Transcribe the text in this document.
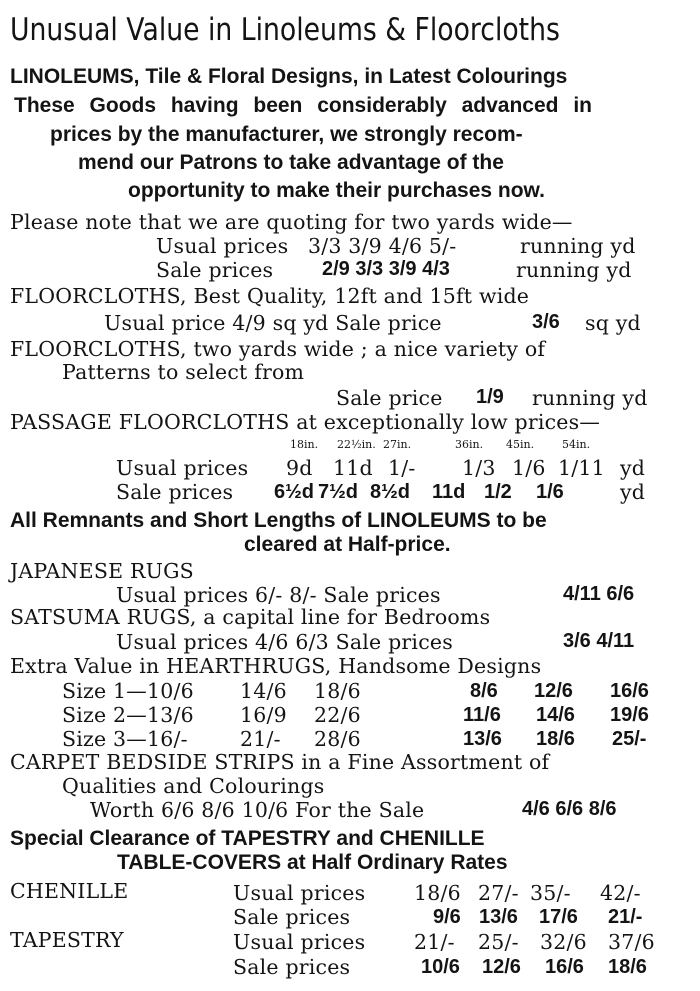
Unusual Value in Linoleums & Floorcloths
LINOLEUMS, Tile & Floral Designs, in Latest Colourings
These Goods having been considerably advanced in
prices by the manufacturer, we strongly recom-
mend our Patrons to take advantage of the
opportunity to make their purchases now.
Please note that we are quoting for two yards wide—
Usual prices 3/3 3/9 4/6 5/-	running yd
Sale prices 2/9 3/3 3/9 4/3	running yd
FLOORCLOTHS, Best Quality, 12ft and 15ft wide
Usual price 4/9 sq yd Sale price	3/6 sq yd
FLOORCLOTHS, two yards wide ; a nice variety of
Patterns to select from
Sale price 1/9 running yd
PASSAGE FLOORCLOTHS at exceptionally low prices—
18in. 22½in. 27in.	36in. 45in.	54in.
Usual prices 9d 11d 1/- 1/3 1/6 1/11 yd
Sale prices 6½d 7½d 8½d 11d 1/2 1/6	yd
All Remnants and Short Lengths of LINOLEUMS to be
cleared at Half-price.
JAPANESE RUGS
Usual prices 6/- 8/- Sale prices	4/11 6/6
SATSUMA RUGS, a capital line for Bedrooms
Usual prices 4/6 6/3 Sale prices	3/6 4/11
Extra Value in HEARTHRUGS, Handsome Designs
Size 1—10/6 14/6 18/6	8/6 12/6 16/6
Size 2—13/6 16/9 22/6	11/6 14/6 19/6
Size 3—16/-	21/- 28/6	13/6 18/6 25/-
CARPET BEDSIDE STRIPS in a Fine Assortment of
Qualities and Colourings
Worth 6/6 8/6 10/6 For the Sale	4/6 6/6 8/6
Special Clearance of TAPESTRY and CHENILLE
TABLE-COVERS at Half Ordinary Rates
CHENILLE	Usual prices 18/6 27/- 35/- 42/-
Sale prices	9/6 13/6 17/6 21/-
TAPESTRY	Usual prices 21/- 25/- 32/6 37/6
Sale prices	10/6 12/6 16/6 18/6
